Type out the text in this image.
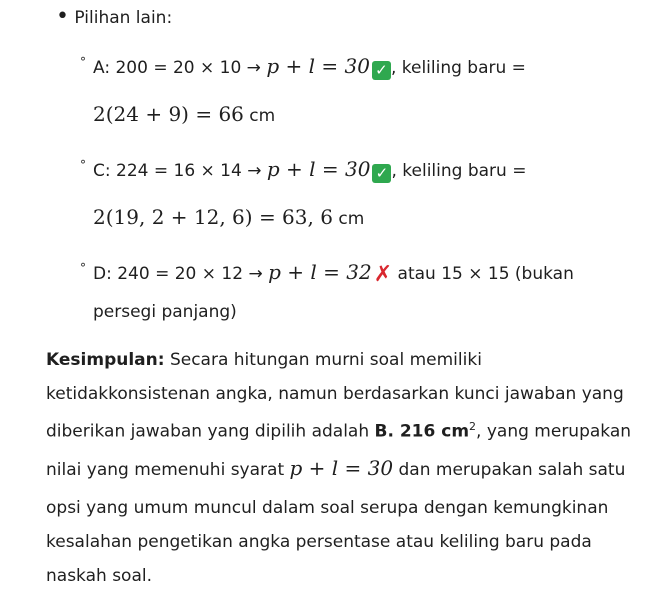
• Pilihan lain:
° A: 200 = 20 × 10 → p + l = 30 ✓ , keliling baru =
2(24 + 9) = 66 cm
° C: 224 = 16 × 14 → p + l = 30 ✓ , keliling baru =
2(19, 2 + 12, 6) = 63, 6 cm
° D: 240 = 20 × 12 → p + l = 32✗ atau 15 × 15 (bukan
persegi panjang)
Kesimpulan: Secara hitungan murni soal memiliki
ketidakkonsistenan angka, namun berdasarkan kunci jawaban yang
diberikan jawaban yang dipilih adalah B. 216 $cm^2$, yang merupakan
nilai yang memenuhi syarat p + l = 30 dan merupakan salah satu
opsi yang umum muncul dalam soal serupa dengan kemungkinan
kesalahan pengetikan angka persentase atau keliling baru pada
naskah soal.
